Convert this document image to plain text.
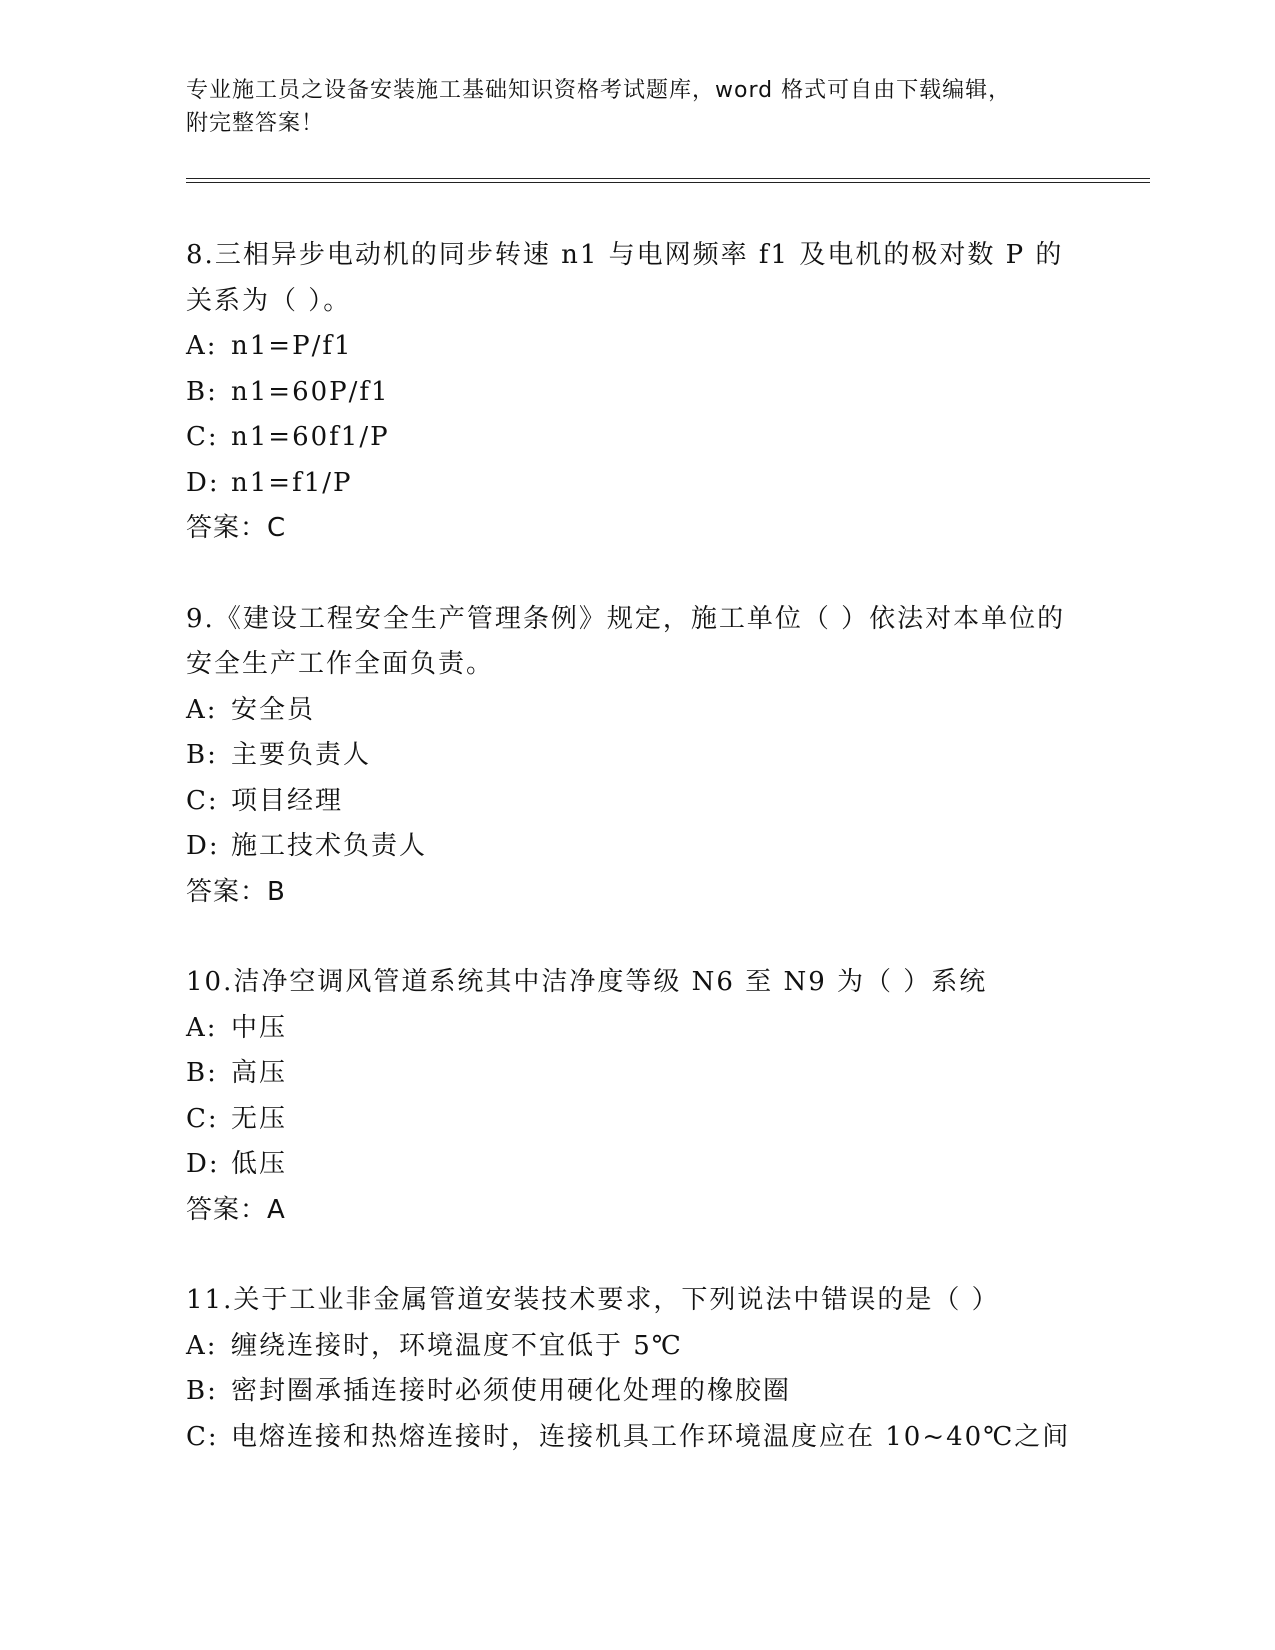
专业施工员之设备安装施工基础知识资格考试题库，word 格式可自由下载编辑，
附完整答案！

8.三相异步电动机的同步转速 n1 与电网频率 f1 及电机的极对数 P 的关系为（ ）。

A: n1=P/f1

B: n1=60P/f1

C: n1=60f1/P

D: n1=f1/P

答案：C

9.《建设工程安全生产管理条例》规定，施工单位（ ）依法对本单位的安全生产工作全面负责。

A: 安全员

B: 主要负责人

C: 项目经理

D: 施工技术负责人

答案：B

10.洁净空调风管道系统其中洁净度等级 N6 至 N9 为（ ）系统

A: 中压

B: 高压

C: 无压

D: 低压

答案：A

11.关于工业非金属管道安装技术要求，下列说法中错误的是（ ）

A: 缠绕连接时，环境温度不宜低于 5℃

B: 密封圈承插连接时必须使用硬化处理的橡胶圈

C: 电熔连接和热熔连接时，连接机具工作环境温度应在 10~40℃之间
